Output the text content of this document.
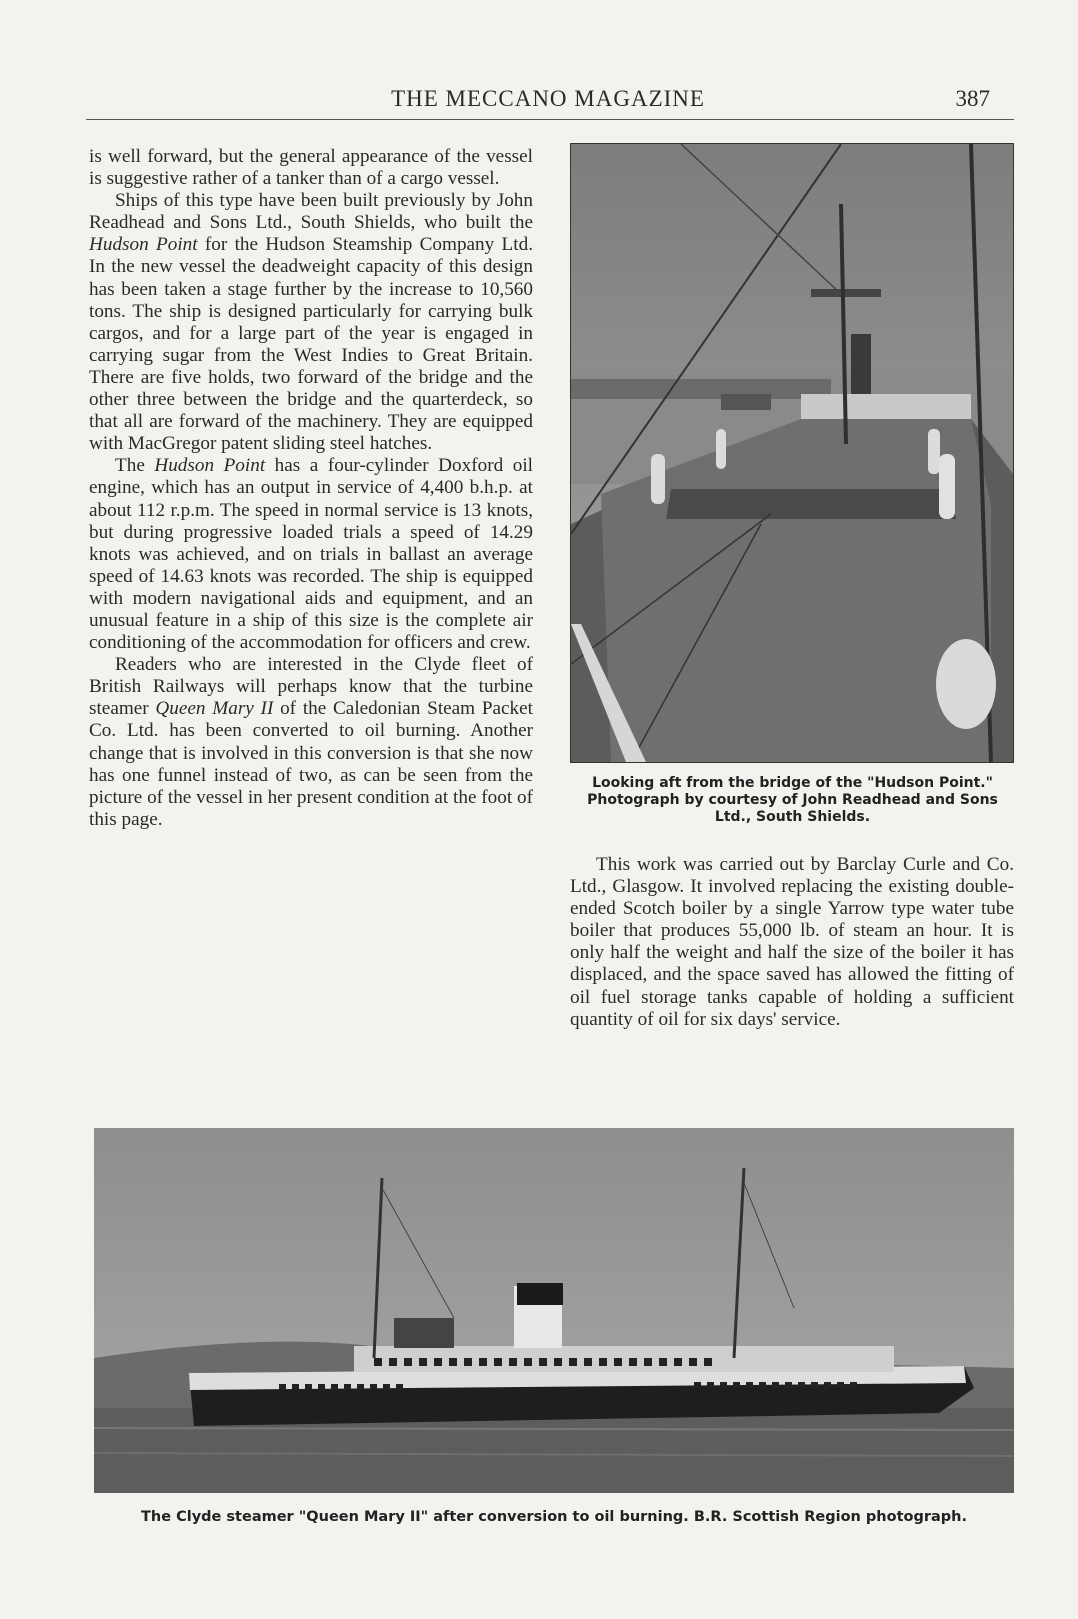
THE MECCANO MAGAZINE	387

is well forward, but the general appearance of the vessel is suggestive rather of a tanker than of a cargo vessel.

Ships of this type have been built previously by John Readhead and Sons Ltd., South Shields, who built the Hudson Point for the Hudson Steamship Company Ltd. In the new vessel the deadweight capacity of this design has been taken a stage further by the increase to 10,560 tons. The ship is designed particularly for carrying bulk cargos, and for a large part of the year is engaged in carrying sugar from the West Indies to Great Britain. There are five holds, two forward of the bridge and the other three between the bridge and the quarterdeck, so that all are forward of the machinery. They are equipped with MacGregor patent sliding steel hatches.

The Hudson Point has a four-cylinder Doxford oil engine, which has an output in service of 4,400 b.h.p. at about 112 r.p.m. The speed in normal service is 13 knots, but during progressive loaded trials a speed of 14.29 knots was achieved, and on trials in ballast an average speed of 14.63 knots was recorded. The ship is equipped with modern navigational aids and equipment, and an unusual feature in a ship of this size is the complete air conditioning of the accommodation for officers and crew.

Readers who are interested in the Clyde fleet of British Railways will perhaps know that the turbine steamer Queen Mary II of the Caledonian Steam Packet Co. Ltd. has been converted to oil burning. Another change that is involved in this conversion is that she now has one funnel instead of two, as can be seen from the picture of the vessel in her present condition at the foot of this page.

Looking aft from the bridge of the "Hudson Point." Photograph by courtesy of John Readhead and Sons Ltd., South Shields.

This work was carried out by Barclay Curle and Co. Ltd., Glasgow. It involved replacing the existing double-ended Scotch boiler by a single Yarrow type water tube boiler that produces 55,000 lb. of steam an hour. It is only half the weight and half the size of the boiler it has displaced, and the space saved has allowed the fitting of oil fuel storage tanks capable of holding a sufficient quantity of oil for six days' service.

The Clyde steamer "Queen Mary II" after conversion to oil burning. B.R. Scottish Region photograph.
